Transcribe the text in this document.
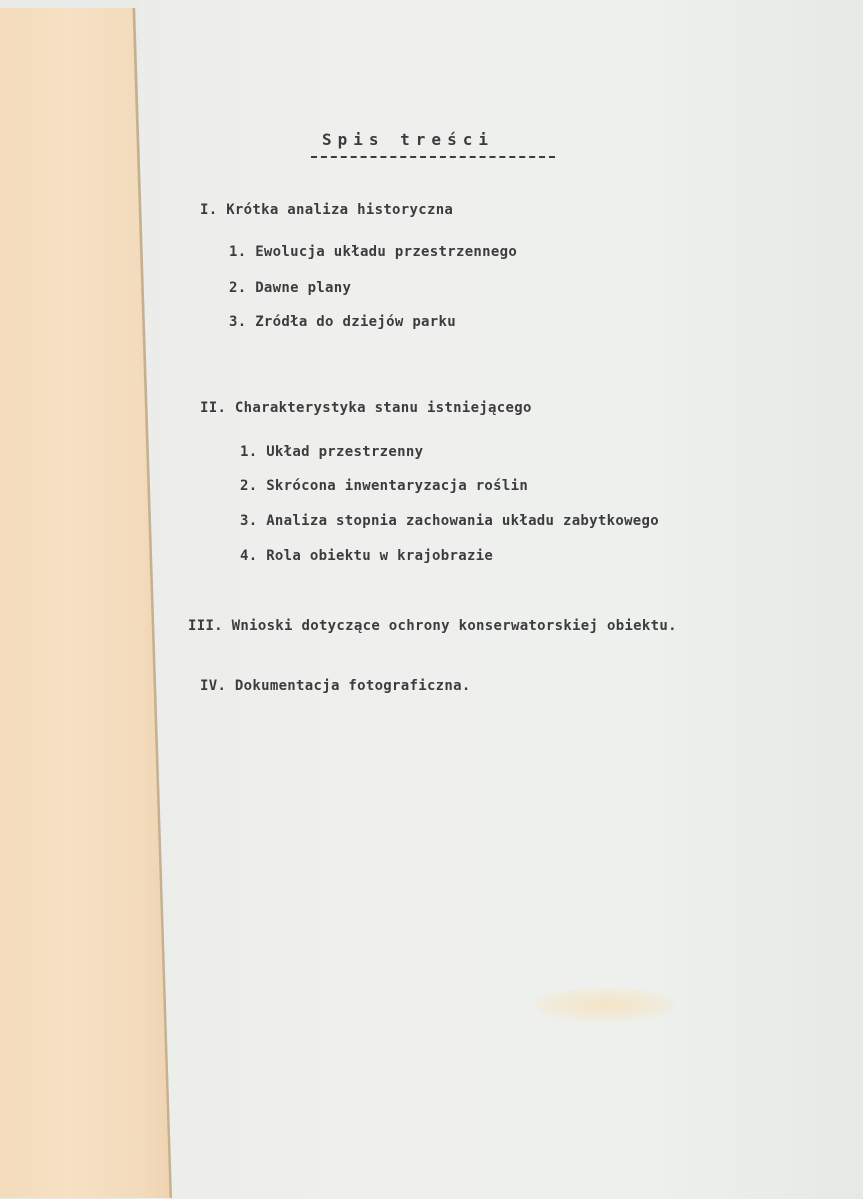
Spis treści
I. Krótka analiza historyczna
1. Ewolucja układu przestrzennego
2. Dawne plany
3. Zródła do dziejów parku
II. Charakterystyka stanu istniejącego
1. Układ przestrzenny
2. Skrócona inwentaryzacja roślin
3. Analiza stopnia zachowania układu zabytkowego
4. Rola obiektu w krajobrazie
III. Wnioski dotyczące ochrony konserwatorskiej obiektu.
IV. Dokumentacja fotograficzna.
